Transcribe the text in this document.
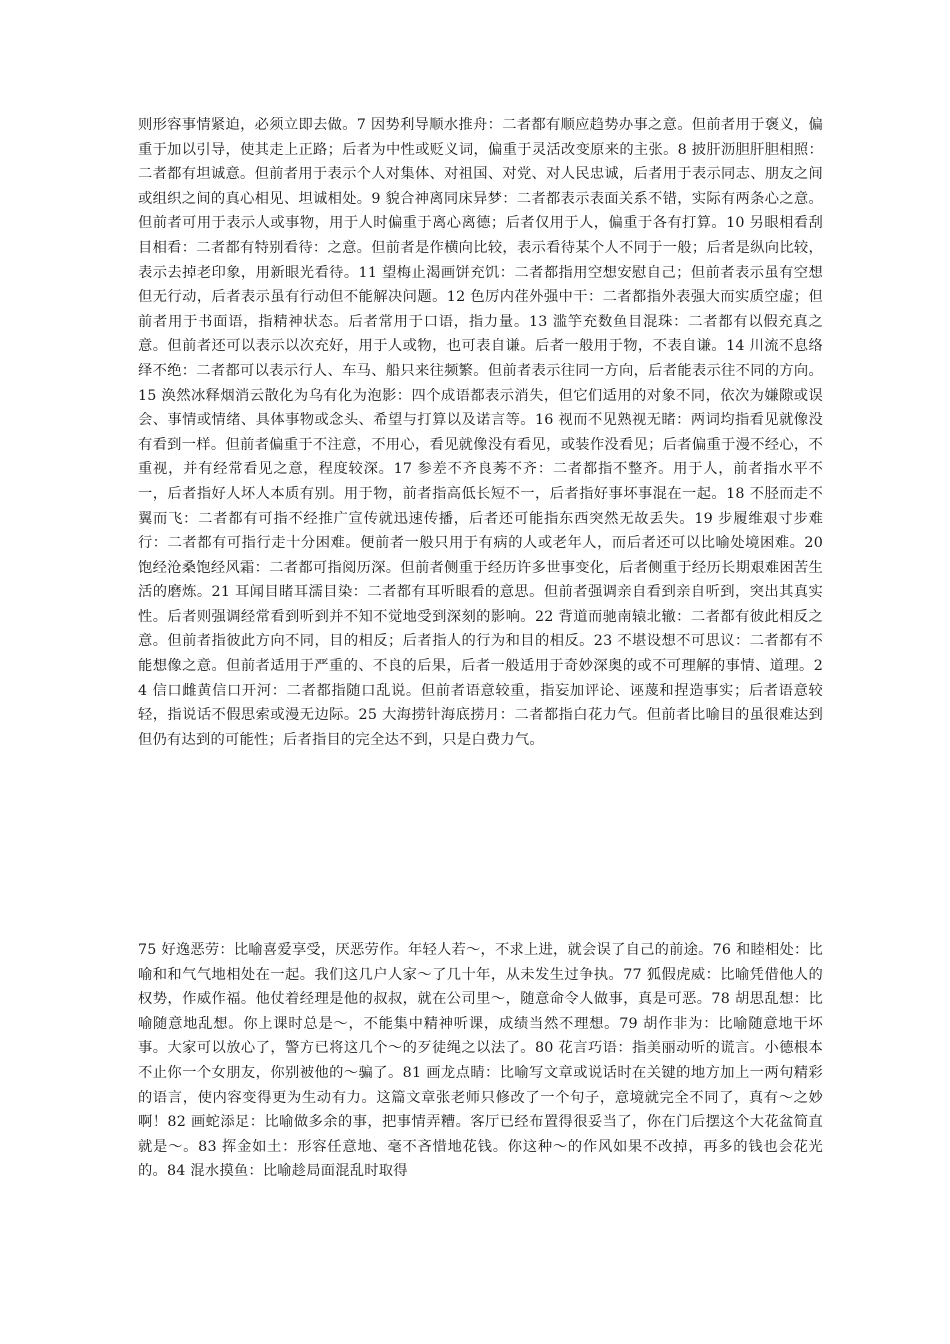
则形容事情紧迫，必须立即去做。7 因势利导顺水推舟：二者都有顺应趋势办事之意。但前者用于褒义，偏重于加以引导，使其走上正路；后者为中性或贬义词，偏重于灵活改变原来的主张。8 披肝沥胆肝胆相照：二者都有坦诚意。但前者用于表示个人对集体、对祖国、对党、对人民忠诚，后者用于表示同志、朋友之间或组织之间的真心相见、坦诚相处。9 貌合神离同床异梦：二者都表示表面关系不错，实际有两条心之意。但前者可用于表示人或事物，用于人时偏重于离心离德；后者仅用于人，偏重于各有打算。10 另眼相看刮目相看：二者都有特别看待：之意。但前者是作横向比较，表示看待某个人不同于一般；后者是纵向比较，表示去掉老印象，用新眼光看待。11 望梅止渴画饼充饥：二者都指用空想安慰自己；但前者表示虽有空想但无行动，后者表示虽有行动但不能解决问题。12 色厉内荏外强中干：二者都指外表强大而实质空虚；但前者用于书面语，指精神状态。后者常用于口语，指力量。13 滥竽充数鱼目混珠：二者都有以假充真之意。但前者还可以表示以次充好，用于人或物，也可表自谦。后者一般用于物，不表自谦。14 川流不息络绎不绝：二者都可以表示行人、车马、船只来往频繁。但前者表示往同一方向，后者能表示往不同的方向。15 涣然冰释烟消云散化为乌有化为泡影：四个成语都表示消失，但它们适用的对象不同，依次为嫌隙或误会、事情或情绪、具体事物或念头、希望与打算以及诺言等。16 视而不见熟视无睹：两词均指看见就像没有看到一样。但前者偏重于不注意，不用心，看见就像没有看见，或装作没看见；后者偏重于漫不经心，不重视，并有经常看见之意，程度较深。17 参差不齐良莠不齐：二者都指不整齐。用于人，前者指水平不一，后者指好人坏人本质有别。用于物，前者指高低长短不一，后者指好事坏事混在一起。18 不胫而走不翼而飞：二者都有可指不经推广宣传就迅速传播，后者还可能指东西突然无故丢失。19 步履维艰寸步难行：二者都有可指行走十分困难。便前者一般只用于有病的人或老年人，而后者还可以比喻处境困难。20 饱经沧桑饱经风霜：二者都可指阅历深。但前者侧重于经历许多世事变化，后者侧重于经历长期艰难困苦生活的磨炼。21 耳闻目睹耳濡目染：二者都有耳听眼看的意思。但前者强调亲自看到亲自听到，突出其真实性。后者则强调经常看到听到并不知不觉地受到深刻的影响。22 背道而驰南辕北辙：二者都有彼此相反之意。但前者指彼此方向不同，目的相反；后者指人的行为和目的相反。23 不堪设想不可思议：二者都有不能想像之意。但前者适用于严重的、不良的后果，后者一般适用于奇妙深奥的或不可理解的事情、道理。24 信口雌黄信口开河：二者都指随口乱说。但前者语意较重，指妄加评论、诬蔑和捏造事实；后者语意较轻，指说话不假思索或漫无边际。25 大海捞针海底捞月：二者都指白花力气。但前者比喻目的虽很难达到但仍有达到的可能性；后者指目的完全达不到，只是白费力气。

75 好逸恶劳：比喻喜爱享受，厌恶劳作。年轻人若～，不求上进，就会误了自己的前途。76 和睦相处：比喻和和气气地相处在一起。我们这几户人家～了几十年，从未发生过争执。77 狐假虎威：比喻凭借他人的权势，作威作福。他仗着经理是他的叔叔，就在公司里～，随意命令人做事，真是可恶。78 胡思乱想：比喻随意地乱想。你上课时总是～，不能集中精神听课，成绩当然不理想。79 胡作非为：比喻随意地干坏事。大家可以放心了，警方已将这几个～的歹徒绳之以法了。80 花言巧语：指美丽动听的谎言。小德根本不止你一个女朋友，你别被他的～骗了。81 画龙点睛：比喻写文章或说话时在关键的地方加上一两句精彩的语言，使内容变得更为生动有力。这篇文章张老师只修改了一个句子，意境就完全不同了，真有～之妙啊！82 画蛇添足：比喻做多余的事，把事情弄糟。客厅已经布置得很妥当了，你在门后摆这个大花盆简直就是～。83 挥金如土：形容任意地、毫不吝惜地花钱。你这种～的作风如果不改掉，再多的钱也会花光的。84 混水摸鱼：比喻趁局面混乱时取得
